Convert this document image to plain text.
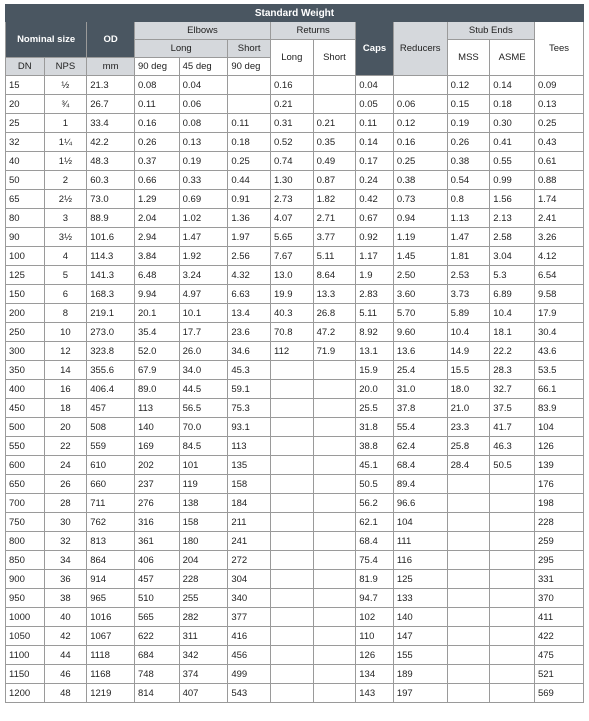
Standard Weight												
Nominal size		OD	Elbows			Returns		Caps	Reducers	Stub Ends		Tees
			Long		Short	Long	Short			MSS	ASME	
DN	NPS	mm	90 deg	45 deg	90 deg							
15	½	21.3	0.08	0.04		0.16		0.04		0.12	0.14	0.09
20	¾	26.7	0.11	0.06		0.21		0.05	0.06	0.15	0.18	0.13
25	1	33.4	0.16	0.08	0.11	0.31	0.21	0.11	0.12	0.19	0.30	0.25
32	1¼	42.2	0.26	0.13	0.18	0.52	0.35	0.14	0.16	0.26	0.41	0.43
40	1½	48.3	0.37	0.19	0.25	0.74	0.49	0.17	0.25	0.38	0.55	0.61
50	2	60.3	0.66	0.33	0.44	1.30	0.87	0.24	0.38	0.54	0.99	0.88
65	2½	73.0	1.29	0.69	0.91	2.73	1.82	0.42	0.73	0.8	1.56	1.74
80	3	88.9	2.04	1.02	1.36	4.07	2.71	0.67	0.94	1.13	2.13	2.41
90	3½	101.6	2.94	1.47	1.97	5.65	3.77	0.92	1.19	1.47	2.58	3.26
100	4	114.3	3.84	1.92	2.56	7.67	5.11	1.17	1.45	1.81	3.04	4.12
125	5	141.3	6.48	3.24	4.32	13.0	8.64	1.9	2.50	2.53	5.3	6.54
150	6	168.3	9.94	4.97	6.63	19.9	13.3	2.83	3.60	3.73	6.89	9.58
200	8	219.1	20.1	10.1	13.4	40.3	26.8	5.11	5.70	5.89	10.4	17.9
250	10	273.0	35.4	17.7	23.6	70.8	47.2	8.92	9.60	10.4	18.1	30.4
300	12	323.8	52.0	26.0	34.6	112	71.9	13.1	13.6	14.9	22.2	43.6
350	14	355.6	67.9	34.0	45.3			15.9	25.4	15.5	28.3	53.5
400	16	406.4	89.0	44.5	59.1			20.0	31.0	18.0	32.7	66.1
450	18	457	113	56.5	75.3			25.5	37.8	21.0	37.5	83.9
500	20	508	140	70.0	93.1			31.8	55.4	23.3	41.7	104
550	22	559	169	84.5	113			38.8	62.4	25.8	46.3	126
600	24	610	202	101	135			45.1	68.4	28.4	50.5	139
650	26	660	237	119	158			50.5	89.4			176
700	28	711	276	138	184			56.2	96.6			198
750	30	762	316	158	211			62.1	104			228
800	32	813	361	180	241			68.4	111			259
850	34	864	406	204	272			75.4	116			295
900	36	914	457	228	304			81.9	125			331
950	38	965	510	255	340			94.7	133			370
1000	40	1016	565	282	377			102	140			411
1050	42	1067	622	311	416			110	147			422
1100	44	1118	684	342	456			126	155			475
1150	46	1168	748	374	499			134	189			521
1200	48	1219	814	407	543			143	197			569
